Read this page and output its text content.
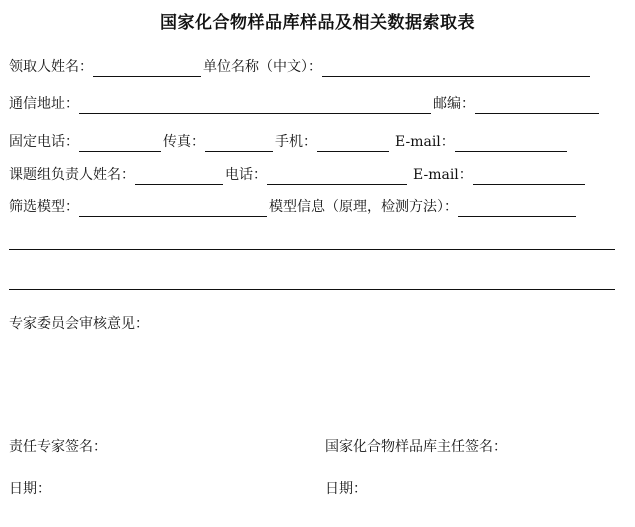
国家化合物样品库样品及相关数据索取表
领取人姓名：	单位名称（中文）：
通信地址：	邮编：
固定电话：	传真：	手机：	E-mail：
课题组负责人姓名：	电话：	E-mail：
筛选模型：	模型信息（原理，检测方法）：
专家委员会审核意见：
责任专家签名：	国家化合物样品库主任签名：
日期：	日期：
